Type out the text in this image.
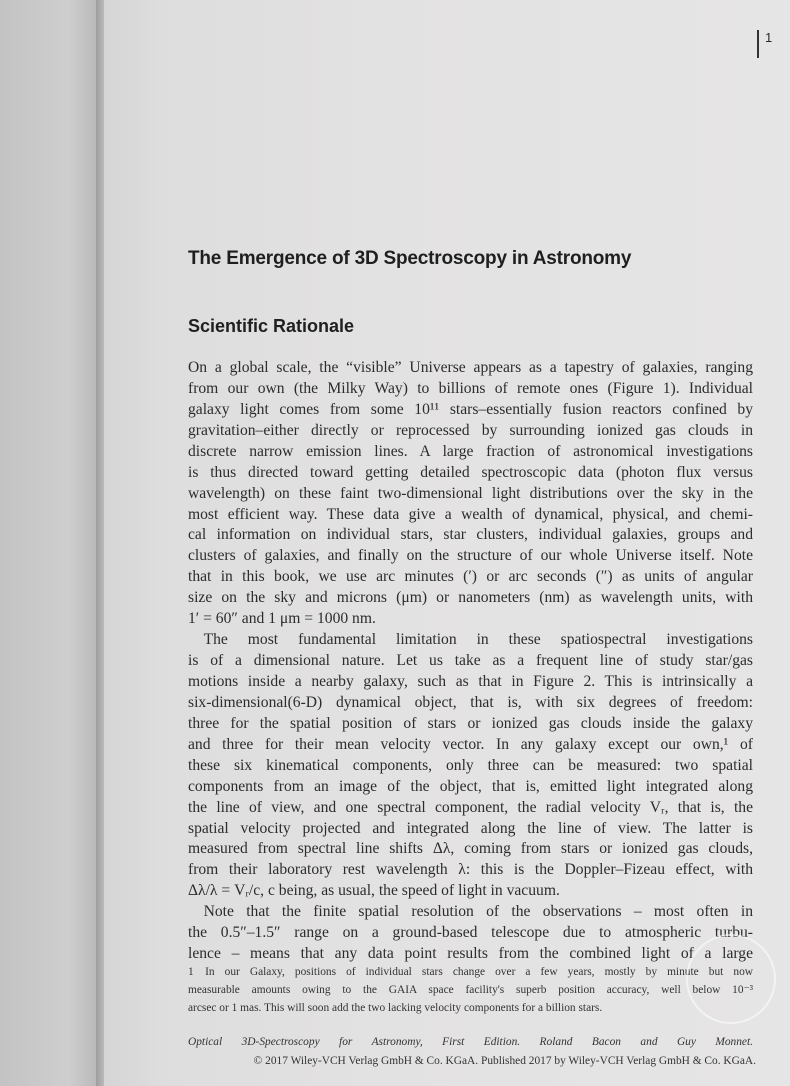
1
The Emergence of 3D Spectroscopy in Astronomy
Scientific Rationale
On a global scale, the “visible” Universe appears as a tapestry of galaxies, ranging
from our own (the Milky Way) to billions of remote ones (Figure 1). Individual
galaxy light comes from some 10¹¹ stars–essentially fusion reactors confined by
gravitation–either directly or reprocessed by surrounding ionized gas clouds in
discrete narrow emission lines. A large fraction of astronomical investigations
is thus directed toward getting detailed spectroscopic data (photon flux versus
wavelength) on these faint two-dimensional light distributions over the sky in the
most efficient way. These data give a wealth of dynamical, physical, and chemi-
cal information on individual stars, star clusters, individual galaxies, groups and
clusters of galaxies, and finally on the structure of our whole Universe itself. Note
that in this book, we use arc minutes (′) or arc seconds (″) as units of angular
size on the sky and microns (μm) or nanometers (nm) as wavelength units, with
1′ = 60″ and 1 μm = 1000 nm.
 The most fundamental limitation in these spatiospectral investigations
is of a dimensional nature. Let us take as a frequent line of study star/gas
motions inside a nearby galaxy, such as that in Figure 2. This is intrinsically a
six-dimensional(6-D) dynamical object, that is, with six degrees of freedom:
three for the spatial position of stars or ionized gas clouds inside the galaxy
and three for their mean velocity vector. In any galaxy except our own,¹ of
these six kinematical components, only three can be measured: two spatial
components from an image of the object, that is, emitted light integrated along
the line of view, and one spectral component, the radial velocity Vᵣ, that is, the
spatial velocity projected and integrated along the line of view. The latter is
measured from spectral line shifts Δλ, coming from stars or ionized gas clouds,
from their laboratory rest wavelength λ: this is the Doppler–Fizeau effect, with
Δλ/λ = Vᵣ/c, c being, as usual, the speed of light in vacuum.
 Note that the finite spatial resolution of the observations – most often in
the 0.5″–1.5″ range on a ground-based telescope due to atmospheric turbu-
lence – means that any data point results from the combined light of a large
1 In our Galaxy, positions of individual stars change over a few years, mostly by minute but now
measurable amounts owing to the GAIA space facility's superb position accuracy, well below 10⁻³
arcsec or 1 mas. This will soon add the two lacking velocity components for a billion stars.
Optical 3D-Spectroscopy for Astronomy, First Edition. Roland Bacon and Guy Monnet.
© 2017 Wiley-VCH Verlag GmbH & Co. KGaA. Published 2017 by Wiley-VCH Verlag GmbH & Co. KGaA.
